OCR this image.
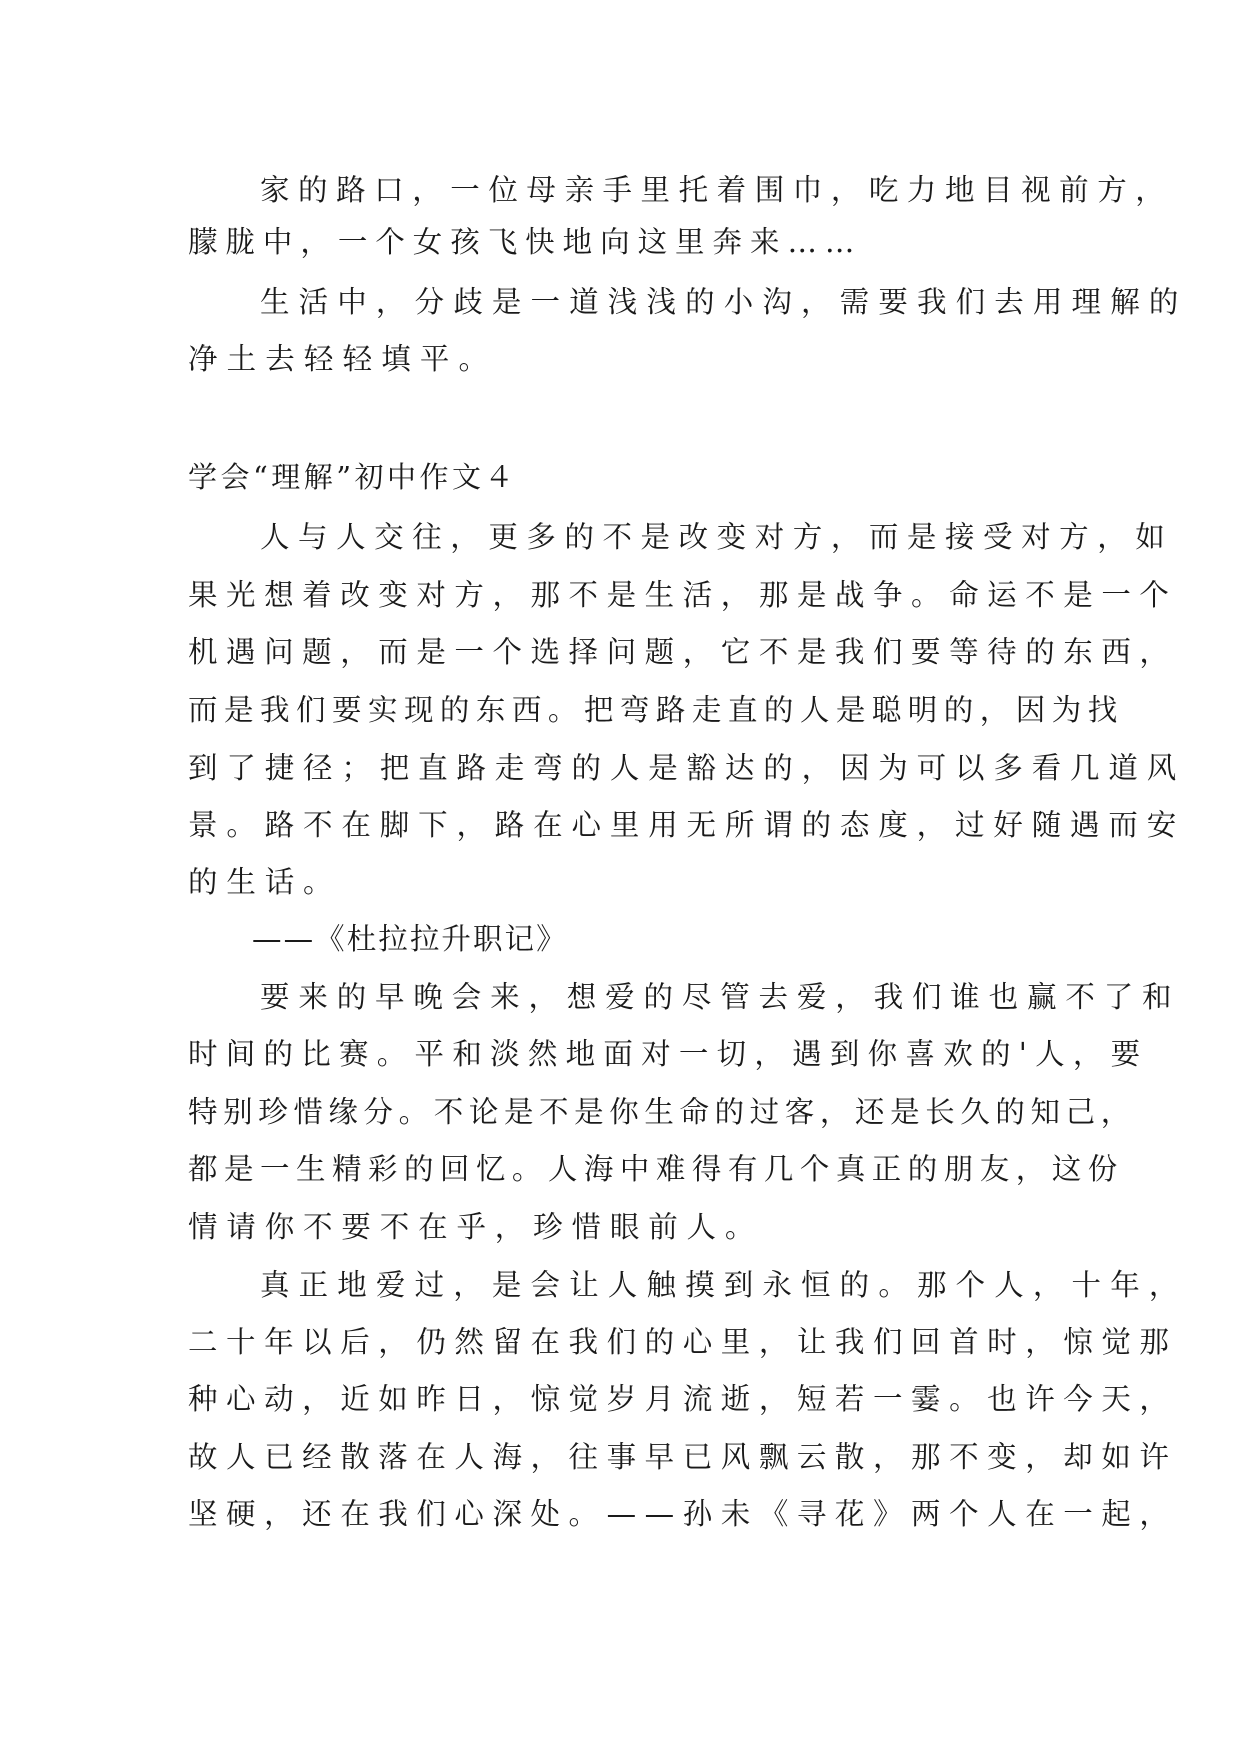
家的路口，一位母亲手里托着围巾，吃力地目视前方，
朦胧中，一个女孩飞快地向这里奔来……
生活中，分歧是一道浅浅的小沟，需要我们去用理解的
净土去轻轻填平。
学会“理解”初中作文４
人与人交往，更多的不是改变对方，而是接受对方，如
果光想着改变对方，那不是生活，那是战争。命运不是一个
机遇问题，而是一个选择问题，它不是我们要等待的东西，
而是我们要实现的东西。把弯路走直的人是聪明的，因为找
到了捷径；把直路走弯的人是豁达的，因为可以多看几道风
景。路不在脚下，路在心里用无所谓的态度，过好随遇而安
的生话。
——《杜拉拉升职记》
要来的早晚会来，想爱的尽管去爱，我们谁也赢不了和
时间的比赛。平和淡然地面对一切，遇到你喜欢的'人，要
特别珍惜缘分。不论是不是你生命的过客，还是长久的知己，
都是一生精彩的回忆。人海中难得有几个真正的朋友，这份
情请你不要不在乎，珍惜眼前人。
真正地爱过，是会让人触摸到永恒的。那个人，十年，
二十年以后，仍然留在我们的心里，让我们回首时，惊觉那
种心动，近如昨日，惊觉岁月流逝，短若一霎。也许今天，
故人已经散落在人海，往事早已风飘云散，那不变，却如许
坚硬，还在我们心深处。——孙未《寻花》两个人在一起，
